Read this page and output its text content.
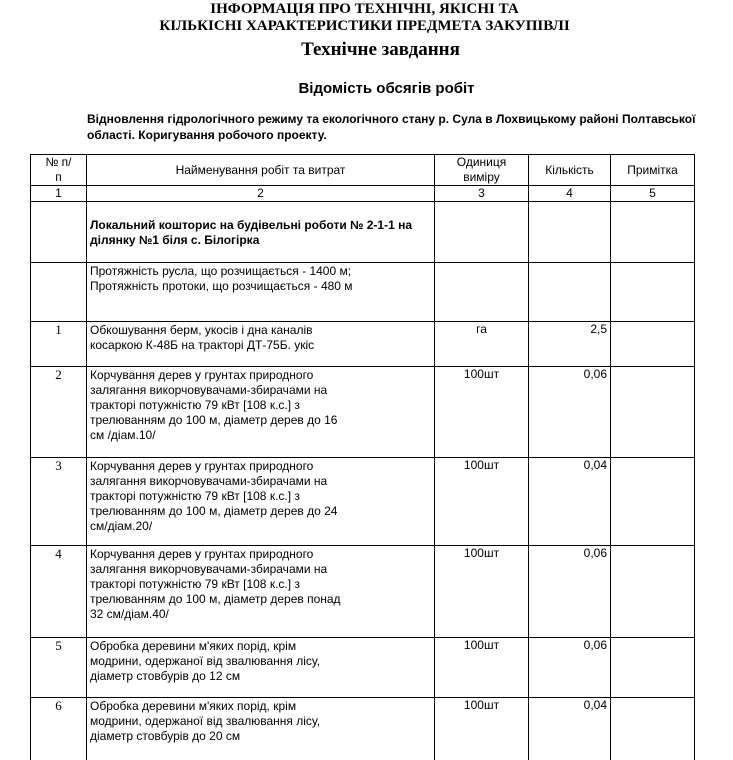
ІНФОРМАЦІЯ ПРО ТЕХНІЧНІ, ЯКІСНІ ТА
КІЛЬКІСНІ ХАРАКТЕРИСТИКИ ПРЕДМЕТА ЗАКУПІВЛІ
Технічне завдання
Відомість обсягів робіт
Відновлення гідрологічного режиму та екологічного стану р. Сула в Лохвицькому районі Полтавської області. Коригування робочого проекту.
№ п/п	Найменування робіт та витрат	Одиниця виміру	Кількість	Примітка
1	2	3	4	5
	Локальний кошторис на будівельні роботи № 2-1-1 на ділянку №1 біля с. Білогірка			
	Протяжність русла, що розчищається - 1400 м; Протяжність протоки, що розчищається - 480 м			
1	Обкошування берм, укосів і дна каналів косаркою К-48Б на тракторі ДТ-75Б. укіс	га	2,5	
2	Корчування дерев у грунтах природного залягання викорчовувачами-збирачами на тракторі потужністю 79 кВт [108 к.с.] з трелюванням до 100 м, діаметр дерев до 16 см /діам.10/	100шт	0,06	
3	Корчування дерев у грунтах природного залягання викорчовувачами-збирачами на тракторі потужністю 79 кВт [108 к.с.] з трелюванням до 100 м, діаметр дерев до 24 см/діам.20/	100шт	0,04	
4	Корчування дерев у грунтах природного залягання викорчовувачами-збирачами на тракторі потужністю 79 кВт [108 к.с.] з трелюванням до 100 м, діаметр дерев понад 32 см/діам.40/	100шт	0,06	
5	Обробка деревини м'яких порід, крім модрини, одержаної від звалювання лісу, діаметр стовбурів до 12 см	100шт	0,06	
6	Обробка деревини м'яких порід, крім модрини, одержаної від звалювання лісу, діаметр стовбурів до 20 см	100шт	0,04	
